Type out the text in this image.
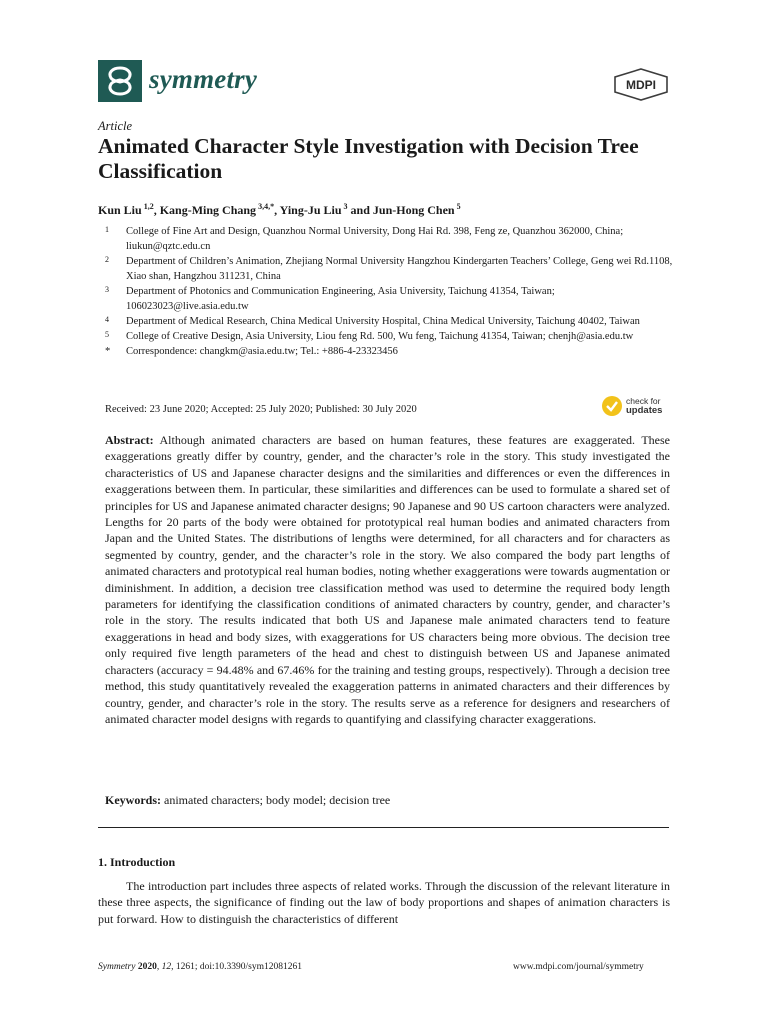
symmetry	MDPI
Article
Animated Character Style Investigation with Decision Tree Classification
Kun Liu $^{1,2}$, Kang-Ming Chang $^{3,4,*}$, Ying-Ju Liu $^3$ and Jun-Hong Chen $^5$
1 College of Fine Art and Design, Quanzhou Normal University, Dong Hai Rd. 398, Feng ze, Quanzhou 362000, China; liukun@qztc.edu.cn
2 Department of Children’s Animation, Zhejiang Normal University Hangzhou Kindergarten Teachers’ College, Geng wei Rd.1108, Xiao shan, Hangzhou 311231, China
3 Department of Photonics and Communication Engineering, Asia University, Taichung 41354, Taiwan; 106023023@live.asia.edu.tw
4 Department of Medical Research, China Medical University Hospital, China Medical University, Taichung 40402, Taiwan
5 College of Creative Design, Asia University, Liou feng Rd. 500, Wu feng, Taichung 41354, Taiwan; chenjh@asia.edu.tw
* Correspondence: changkm@asia.edu.tw; Tel.: +886-4-23323456
Received: 23 June 2020; Accepted: 25 July 2020; Published: 30 July 2020
check for
updates
Abstract: Although animated characters are based on human features, these features are exaggerated. These exaggerations greatly differ by country, gender, and the character’s role in the story. This study investigated the characteristics of US and Japanese character designs and the similarities and differences or even the differences in exaggerations between them. In particular, these similarities and differences can be used to formulate a shared set of principles for US and Japanese animated character designs; 90 Japanese and 90 US cartoon characters were analyzed. Lengths for 20 parts of the body were obtained for prototypical real human bodies and animated characters from Japan and the United States. The distributions of lengths were determined, for all characters and for characters as segmented by country, gender, and the character’s role in the story. We also compared the body part lengths of animated characters and prototypical real human bodies, noting whether exaggerations were towards augmentation or diminishment. In addition, a decision tree classification method was used to determine the required body length parameters for identifying the classification conditions of animated characters by country, gender, and character’s role in the story. The results indicated that both US and Japanese male animated characters tend to feature exaggerations in head and body sizes, with exaggerations for US characters being more obvious. The decision tree only required five length parameters of the head and chest to distinguish between US and Japanese animated characters (accuracy = 94.48% and 67.46% for the training and testing groups, respectively). Through a decision tree method, this study quantitatively revealed the exaggeration patterns in animated characters and their differences by country, gender, and character’s role in the story. The results serve as a reference for designers and researchers of animated character model designs with regards to quantifying and classifying character exaggerations.
Keywords: animated characters; body model; decision tree
1. Introduction
The introduction part includes three aspects of related works. Through the discussion of the relevant literature in these three aspects, the significance of finding out the law of body proportions and shapes of animation characters is put forward. How to distinguish the characteristics of different
Symmetry 2020, 12, 1261; doi:10.3390/sym12081261	www.mdpi.com/journal/symmetry
